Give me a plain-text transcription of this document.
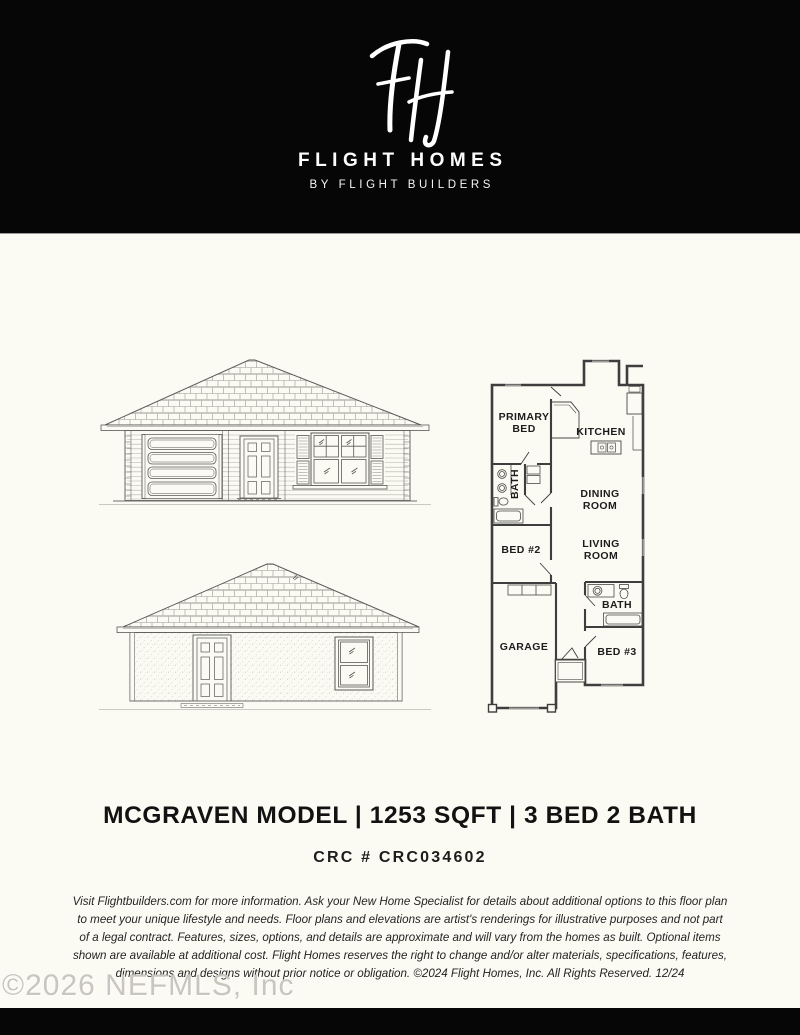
FLIGHT HOMES
BY FLIGHT BUILDERS
PRIMARY
BED	KITCHEN
BATH	DINING
ROOM
BED #2	LIVING
ROOM
BATH
GARAGE	BED #3
MCGRAVEN MODEL | 1253 SQFT | 3 BED 2 BATH
CRC # CRC034602
Visit Flightbuilders.com for more information. Ask your New Home Specialist for details about additional options to this floor plan to meet your unique lifestyle and needs. Floor plans and elevations are artist's renderings for illustrative purposes and not part of a legal contract. Features, sizes, options, and details are approximate and will vary from the homes as built. Optional items shown are available at additional cost. Flight Homes reserves the right to change and/or alter materials, specifications, features, dimensions and designs without prior notice or obligation. ©2024 Flight Homes, Inc. All Rights Reserved. 12/24
©2026 NEFMLS, Inc
